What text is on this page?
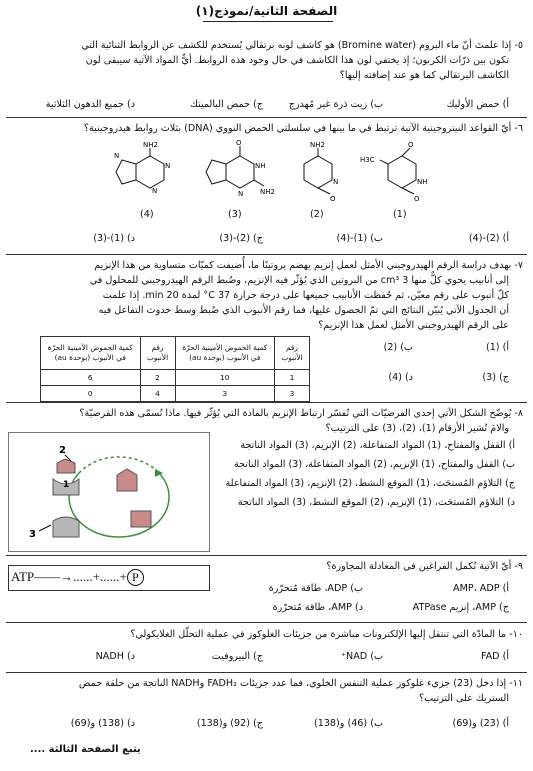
الصفحة الثانية/نموذج(١)
٥- إذا علمتَ أنّ ماء البروم (Bromine water) هو كاشف لونه برتقالي يُستخدم للكشف عن الروابط الثنائية التي
تكون بين ذرّات الكربون؛ إذ يختفي لون هذا الكاشف في حال وجود هذه الروابط. أيٌّ المواد الآتية سيبقى لون
الكاشف البرتقالي كما هو عند إضافته إليها؟
أ) حمض الأوليك
ب) زيت ذرة غير مُهدرج
ج) حمض البالميتك
د) جميع الدهون الثلاثية
٦- أيّ القواعد النيتروجينية الآتية ترتبط في ما بينها في سلسلتي الحمض النووي (DNA) بثلاث روابط هيدروجينية؟
NH2
N
N
N
(4)
O
NH
NH2
N
(3)
NH2
N
O
(2)
H3C
O
NH
O
(1)
أ) (2)-(4)
ب) (1)-(4)
ج) (2)-(3)
د) (1)-(3)
٧- بهدف دراسة الرقم الهيدروجيني الأمثل لعمل إنزيم يهضم بروتينًا ما، أُضيفت كميّات متساوية من هذا الإنزيم
إلى أنابيب يحوي كلٌّ منها 3 cm³ من البروتين الذي يُؤثّر فيه الإنزيم، وضُبط الرقم الهيدروجيني للمحلول في
كلّ أنبوب على رقم معيّن، ثم حُفظت الأنابيب جميعها على درجة حرارة 37 C° لمدة 20 min. إذا علمت
أن الجدول الآتي يُبيّن النتائج التي تمّ الحصول عليها، فما رقم الأنبوب الذي ضُبط وسط حدوث التفاعل فيه
على الرقم الهيدروجيني الأمثل لعمل هذا الإنزيم؟
رقم الأنبوب	كمية الحموض الأمينية الحرّة في الأنبوب (بوحدة au)	رقم الأنبوب	كمية الحموض الأمينية الحرّة في الأنبوب (بوحدة au)
1	10	2	6
3	3	4	0
أ) (1)
ب) (2)
ج) (3)
د) (4)
٨- يُوضّح الشكل الآتي إحدى الفرضيّات التي تُفسّر ارتباط الإنزيم بالمادة التي يُؤثّر فيها. ماذا تُسمّى هذه الفرضيّة؟
والامَ تُشير الأرقام (1)، (2)، (3) على الترتيب؟
2
1
3
أ) القفل والمفتاح، (1) المواد المتفاعلة، (2) الإنزيم، (3) المواد الناتجة
ب) القفل والمفتاح، (1) الإنزيم، (2) المواد المتفاعلة، (3) المواد الناتجة
ج) التلاؤم المُستحَث، (1) الموقع النشط، (2) الإنزيم، (3) المواد المتفاعلة
د) التلاؤم المُستحَث، (1) الإنزيم، (2) الموقع النشط، (3) المواد الناتجة
٩- أيّ الآتية تُكمل الفراغين في المعادلة المجاورة؟
ATP——→......+......+ P
أ) AMP، ADP
ب) ADP، طاقة مُتحرّرة
ج) AMP، إنزيم ATPase
د) AMP، طاقة مُتحرّرة
١٠- ما المادّة التي تنتقل إليها الإلكترونات مباشرة من جزيئات الغلوكوز في عملية التحلّل الغلايكولي؟
أ) FAD
ب) NAD⁺
ج) البيروفيت
د) NADH
١١- إذا دخل (23) جزيء غلوكوز عملية التنفس الخلوي، فما عدد جزيئات FADH₂ وNADH الناتجة من حلقة حمض
الستريك على الترتيب؟
أ) (23) و(69)
ب) (46) و(138)
ج) (92) و(138)
د) (138) و(69)
يتبع الصفحة الثالثة ....
